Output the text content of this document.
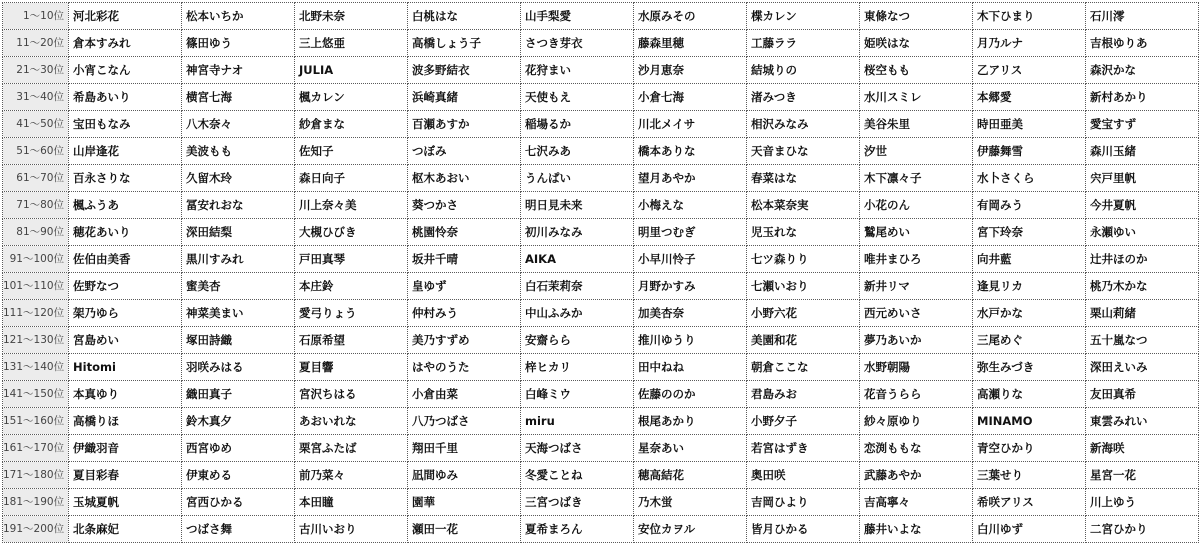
1～10位	河北彩花	松本いちか	北野未奈	白桃はな	山手梨愛	水原みその	楪カレン	東條なつ	木下ひまり	石川澪
11～20位	倉本すみれ	篠田ゆう	三上悠亜	高橋しょう子	さつき芽衣	藤森里穂	工藤ララ	姫咲はな	月乃ルナ	吉根ゆりあ
21～30位	小宵こなん	神宮寺ナオ	JULIA	波多野結衣	花狩まい	沙月恵奈	結城りの	桜空もも	乙アリス	森沢かな
31～40位	希島あいり	横宮七海	楓カレン	浜崎真緒	天使もえ	小倉七海	渚みつき	水川スミレ	本郷愛	新村あかり
41～50位	宝田もなみ	八木奈々	紗倉まな	百瀬あすか	稲場るか	川北メイサ	相沢みなみ	美谷朱里	時田亜美	愛宝すず
51～60位	山岸逢花	美波もも	佐知子	つぼみ	七沢みあ	橋本ありな	天音まひな	汐世	伊藤舞雪	森川玉緒
61～70位	百永さりな	久留木玲	森日向子	枢木あおい	うんぱい	望月あやか	春菜はな	木下凛々子	水卜さくら	宍戸里帆
71～80位	楓ふうあ	冨安れおな	川上奈々美	葵つかさ	明日見未来	小梅えな	松本菜奈実	小花のん	有岡みう	今井夏帆
81～90位	穂花あいり	深田結梨	大槻ひびき	桃園怜奈	初川みなみ	明里つむぎ	児玉れな	鷲尾めい	宮下玲奈	永瀬ゆい
91～100位	佐伯由美香	黒川すみれ	戸田真琴	坂井千晴	AIKA	小早川怜子	七ツ森りり	唯井まひろ	向井藍	辻井ほのか
101～110位	佐野なつ	蜜美杏	本庄鈴	皇ゆず	白石茉莉奈	月野かすみ	七瀬いおり	新井リマ	逢見リカ	桃乃木かな
111～120位	架乃ゆら	神菜美まい	愛弓りょう	仲村みう	中山ふみか	加美杏奈	小野六花	西元めいさ	水戸かな	栗山莉緒
121～130位	宮島めい	塚田詩織	石原希望	美乃すずめ	安齋らら	推川ゆうり	美園和花	夢乃あいか	三尾めぐ	五十嵐なつ
131～140位	Hitomi	羽咲みはる	夏目響	はやのうた	梓ヒカリ	田中ねね	朝倉ここな	水野朝陽	弥生みづき	深田えいみ
141～150位	本真ゆり	織田真子	宮沢ちはる	小倉由菜	白峰ミウ	佐藤ののか	君島みお	花音うらら	高瀬りな	友田真希
151～160位	高橋りほ	鈴木真夕	あおいれな	八乃つばさ	miru	根尾あかり	小野夕子	紗々原ゆり	MINAMO	東雲みれい
161～170位	伊織羽音	西宮ゆめ	栗宮ふたば	翔田千里	天海つばさ	星奈あい	若宮はずき	恋渕ももな	青空ひかり	新海咲
171～180位	夏目彩春	伊東める	前乃菜々	凪間ゆみ	冬愛ことね	穂高結花	奥田咲	武藤あやか	三葉せり	星宮一花
181～190位	玉城夏帆	宮西ひかる	本田瞳	園華	三宮つばき	乃木蛍	吉岡ひより	吉高寧々	希咲アリス	川上ゆう
191～200位	北条麻妃	つばさ舞	古川いおり	瀬田一花	夏希まろん	安位カヲル	皆月ひかる	藤井いよな	白川ゆず	二宮ひかり
